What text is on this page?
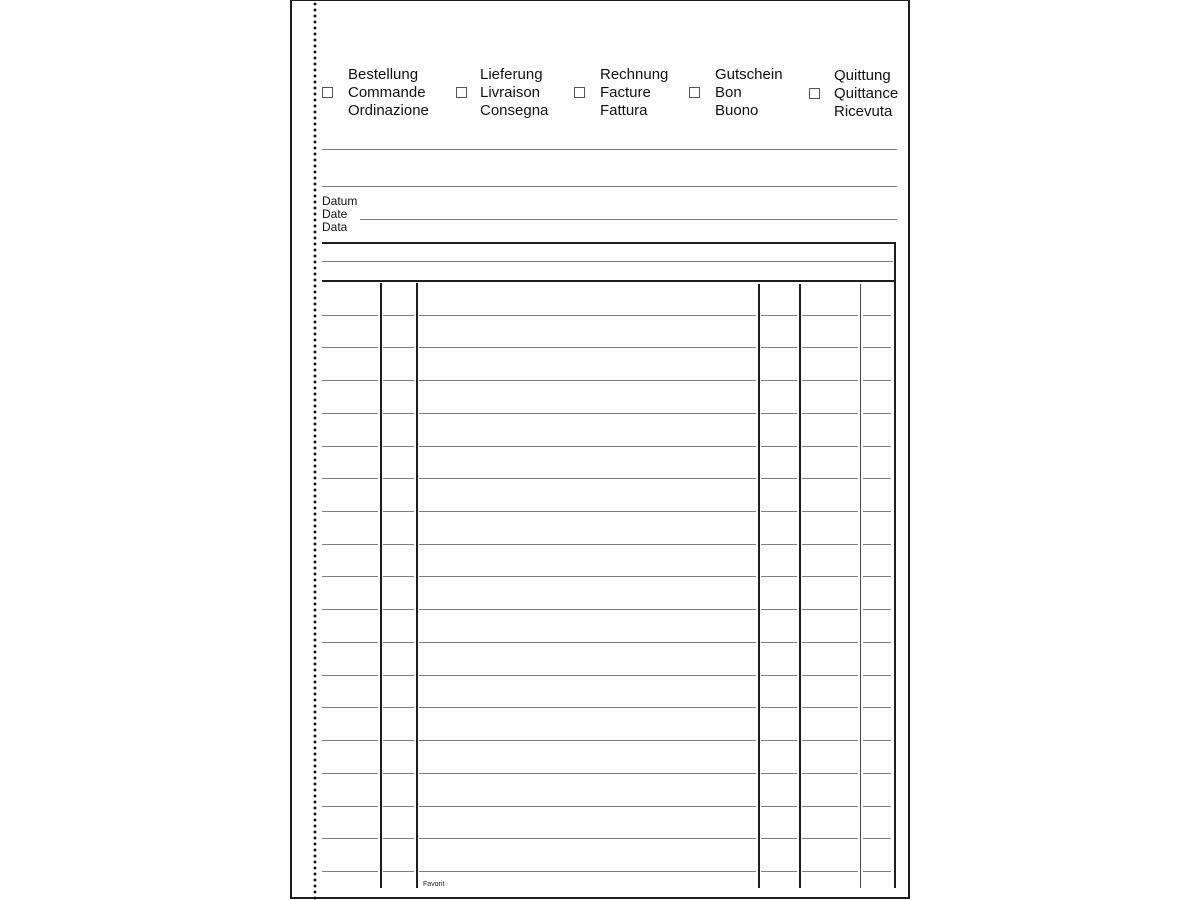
Bestellung
Commande
Ordinazione
Lieferung
Livraison
Consegna
Rechnung
Facture
Fattura
Gutschein
Bon
Buono
Quittung
Quittance
Ricevuta
Datum
Date
Data
Favorit
